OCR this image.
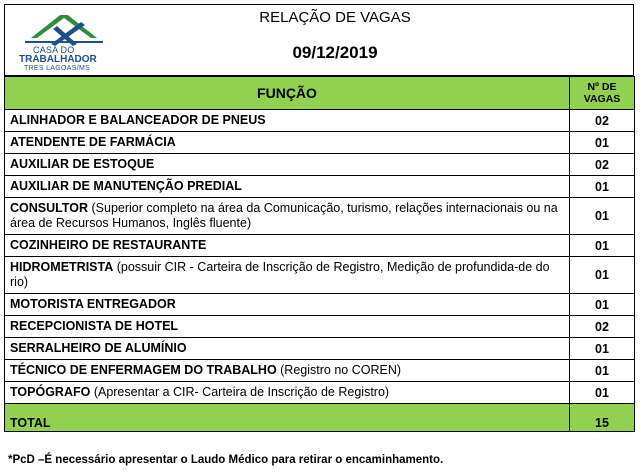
CASA DO
TRABALHADOR
TRES LAGOAS/MS
RELAÇÃO DE VAGAS
09/12/2019
FUNÇÃO	Nº DE
VAGAS
ALINHADOR E BALANCEADOR DE PNEUS	02
ATENDENTE DE FARMÁCIA	01
AUXILIAR DE ESTOQUE	02
AUXILIAR DE MANUTENÇÃO PREDIAL	01
CONSULTOR (Superior completo na área da Comunicação, turismo, relações internacionais ou na área de Recursos Humanos, Inglês fluente)	01
COZINHEIRO DE RESTAURANTE	01
HIDROMETRISTA (possuir CIR - Carteira de Inscrição de Registro, Medição de profundida-de do rio)	01
MOTORISTA ENTREGADOR	01
RECEPCIONISTA DE HOTEL	02
SERRALHEIRO DE ALUMÍNIO	01
TÉCNICO DE ENFERMAGEM DO TRABALHO (Registro no COREN)	01
TOPÓGRAFO (Apresentar a CIR- Carteira de Inscrição de Registro)	01
TOTAL	15
*PcD –É necessário apresentar o Laudo Médico para retirar o encaminhamento.
